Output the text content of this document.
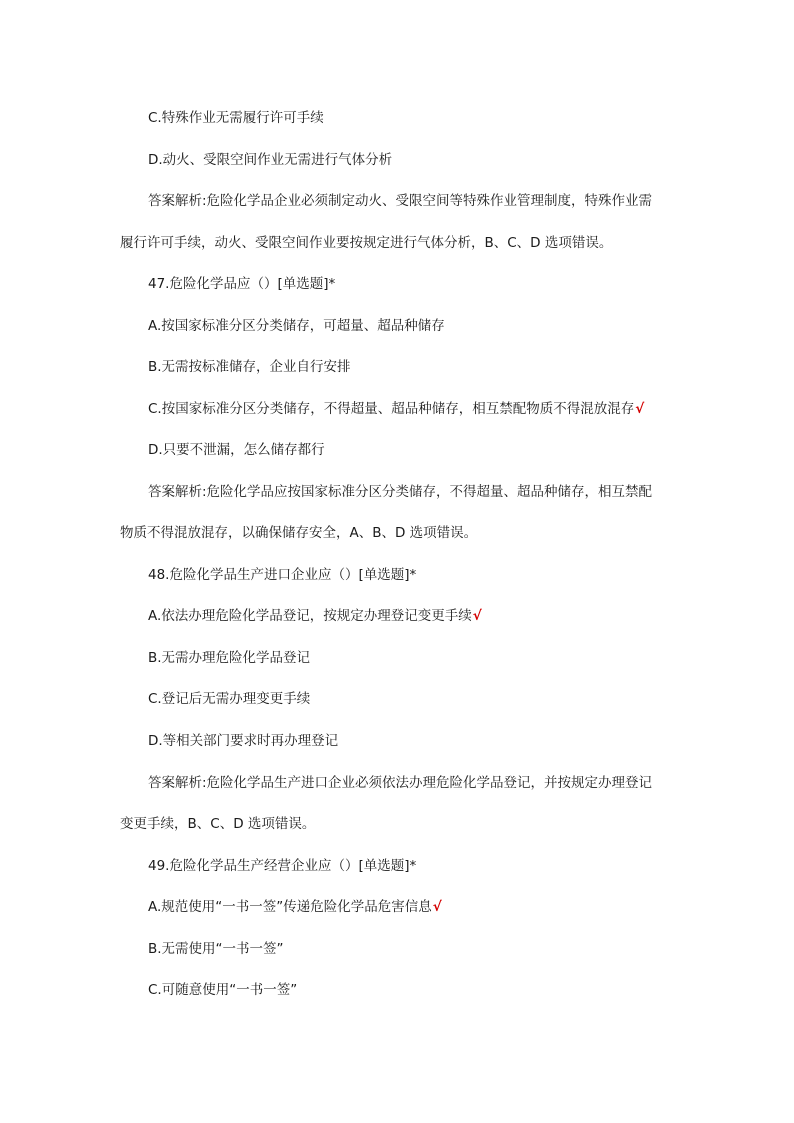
C.特殊作业无需履行许可手续
D.动火、受限空间作业无需进行气体分析
答案解析:危险化学品企业必须制定动火、受限空间等特殊作业管理制度，特殊作业需
履行许可手续，动火、受限空间作业要按规定进行气体分析，B、C、D 选项错误。
47.危险化学品应（）[单选题]*
A.按国家标准分区分类储存，可超量、超品种储存
B.无需按标准储存，企业自行安排
C.按国家标准分区分类储存，不得超量、超品种储存，相互禁配物质不得混放混存√
D.只要不泄漏，怎么储存都行
答案解析:危险化学品应按国家标准分区分类储存，不得超量、超品种储存，相互禁配
物质不得混放混存，以确保储存安全，A、B、D 选项错误。
48.危险化学品生产进口企业应（）[单选题]*
A.依法办理危险化学品登记，按规定办理登记变更手续√
B.无需办理危险化学品登记
C.登记后无需办理变更手续
D.等相关部门要求时再办理登记
答案解析:危险化学品生产进口企业必须依法办理危险化学品登记，并按规定办理登记
变更手续，B、C、D 选项错误。
49.危险化学品生产经营企业应（）[单选题]*
A.规范使用“一书一签”传递危险化学品危害信息√
B.无需使用“一书一签”
C.可随意使用“一书一签”
